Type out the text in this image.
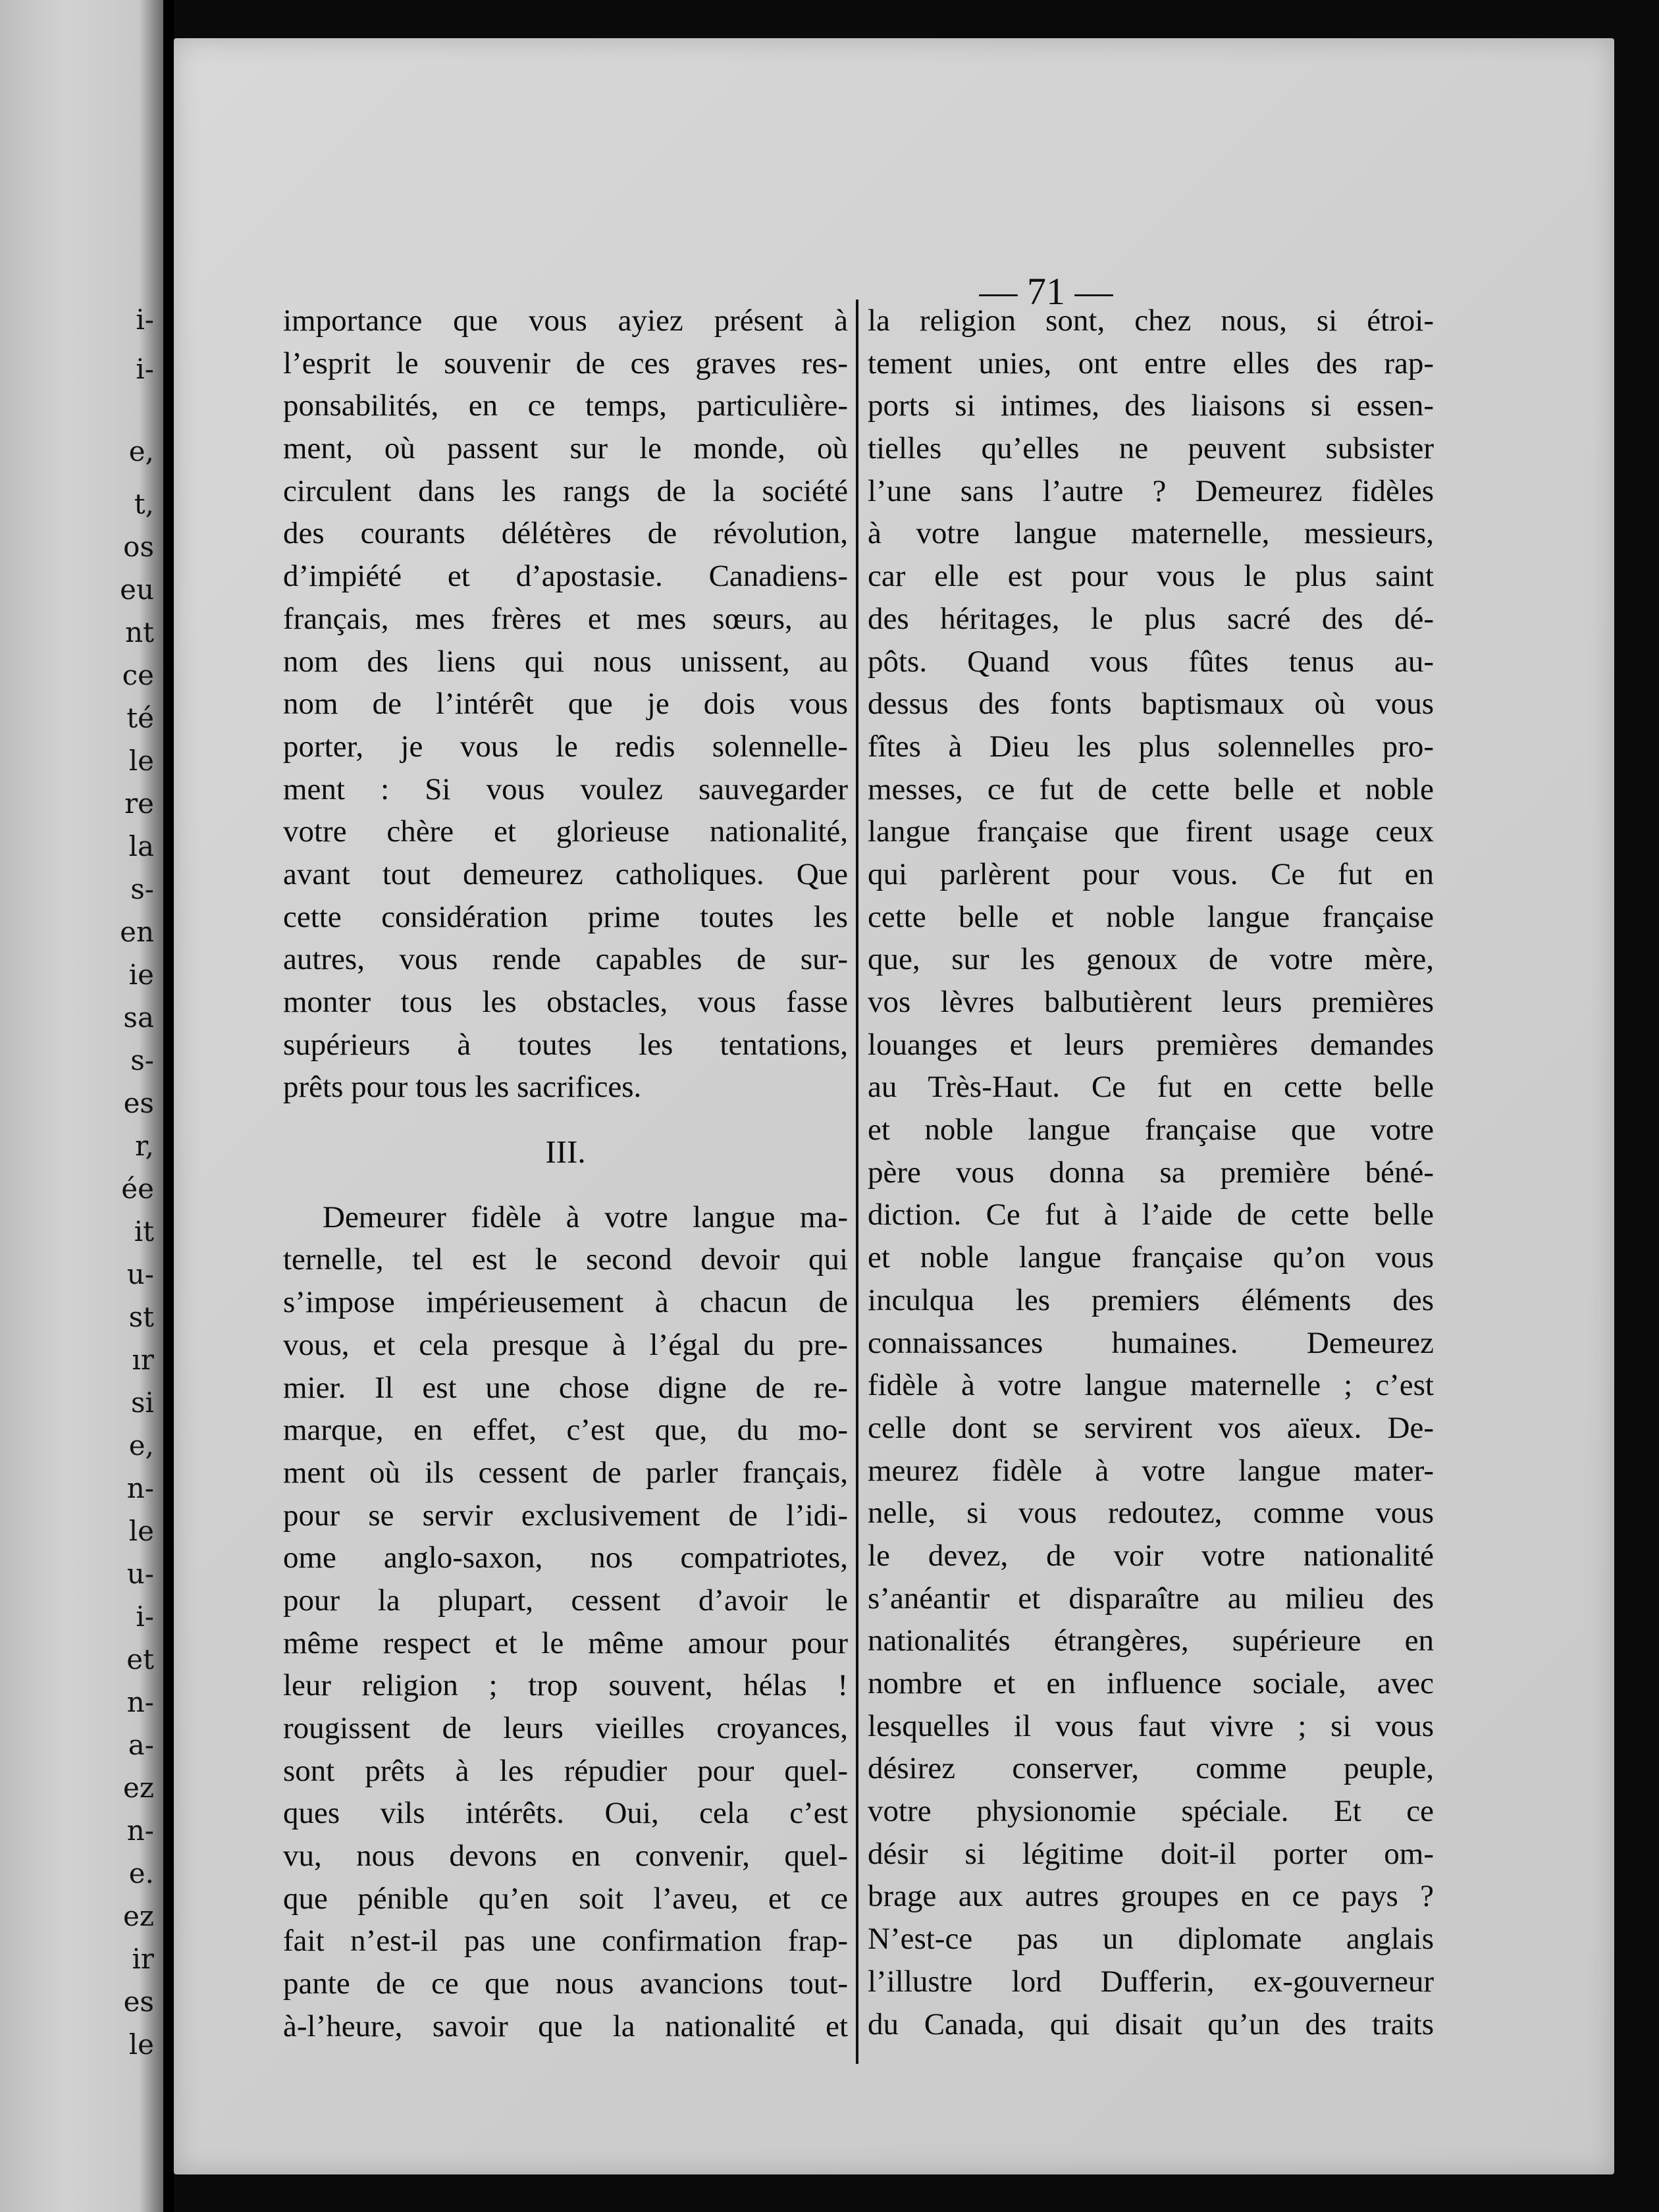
i-
i-
e,
t,
os
eu
nt
ce
té
le
re
la
s-
en
ie
sa
s-
es
r,
ée
it
u-
st
ır
si
e,
n-
le
u-
i-
et
n-
a-
ez
n-
e.
ez
ir
es
le
— 71 —
importance que vous ayiez présent à
l’esprit le souvenir de ces graves res-
ponsabilités, en ce temps, particulière-
ment, où passent sur le monde, où
circulent dans les rangs de la société
des courants délétères de révolution,
d’impiété et d’apostasie. Canadiens-
français, mes frères et mes sœurs, au
nom des liens qui nous unissent, au
nom de l’intérêt que je dois vous
porter, je vous le redis solennelle-
ment : Si vous voulez sauvegarder
votre chère et glorieuse nationalité,
avant tout demeurez catholiques. Que
cette considération prime toutes les
autres, vous rende capables de sur-
monter tous les obstacles, vous fasse
supérieurs à toutes les tentations,
prêts pour tous les sacrifices.
III.
Demeurer fidèle à votre langue ma-
ternelle, tel est le second devoir qui
s’impose impérieusement à chacun de
vous, et cela presque à l’égal du pre-
mier. Il est une chose digne de re-
marque, en effet, c’est que, du mo-
ment où ils cessent de parler français,
pour se servir exclusivement de l’idi-
ome anglo-saxon, nos compatriotes,
pour la plupart, cessent d’avoir le
même respect et le même amour pour
leur religion ; trop souvent, hélas !
rougissent de leurs vieilles croyances,
sont prêts à les répudier pour quel-
ques vils intérêts. Oui, cela c’est
vu, nous devons en convenir, quel-
que pénible qu’en soit l’aveu, et ce
fait n’est-il pas une confirmation frap-
pante de ce que nous avancions tout-
à-l’heure, savoir que la nationalité et
la religion sont, chez nous, si étroi-
tement unies, ont entre elles des rap-
ports si intimes, des liaisons si essen-
tielles qu’elles ne peuvent subsister
l’une sans l’autre ? Demeurez fidèles
à votre langue maternelle, messieurs,
car elle est pour vous le plus saint
des héritages, le plus sacré des dé-
pôts. Quand vous fûtes tenus au-
dessus des fonts baptismaux où vous
fîtes à Dieu les plus solennelles pro-
messes, ce fut de cette belle et noble
langue française que firent usage ceux
qui parlèrent pour vous. Ce fut en
cette belle et noble langue française
que, sur les genoux de votre mère,
vos lèvres balbutièrent leurs premières
louanges et leurs premières demandes
au Très-Haut. Ce fut en cette belle
et noble langue française que votre
père vous donna sa première béné-
diction. Ce fut à l’aide de cette belle
et noble langue française qu’on vous
inculqua les premiers éléments des
connaissances humaines. Demeurez
fidèle à votre langue maternelle ; c’est
celle dont se servirent vos aïeux. De-
meurez fidèle à votre langue mater-
nelle, si vous redoutez, comme vous
le devez, de voir votre nationalité
s’anéantir et disparaître au milieu des
nationalités étrangères, supérieure en
nombre et en influence sociale, avec
lesquelles il vous faut vivre ; si vous
désirez conserver, comme peuple,
votre physionomie spéciale. Et ce
désir si légitime doit-il porter om-
brage aux autres groupes en ce pays ?
N’est-ce pas un diplomate anglais
l’illustre lord Dufferin, ex-gouverneur
du Canada, qui disait qu’un des traits
